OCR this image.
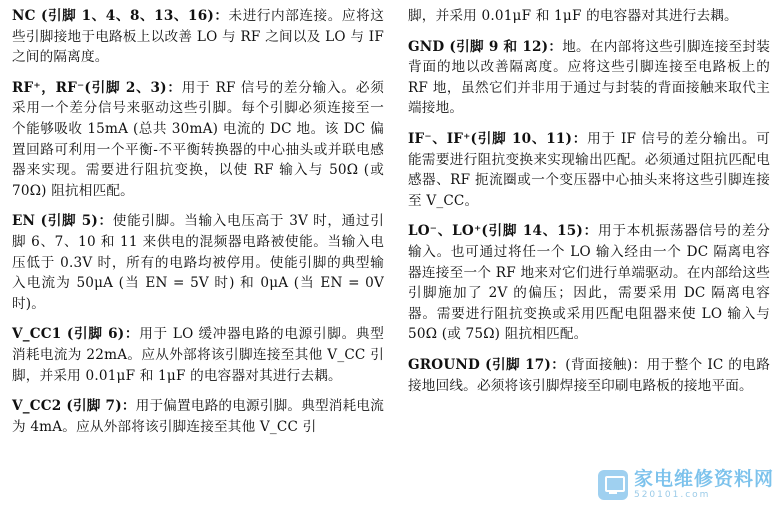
NC (引脚 1、4、8、13、16)：未进行内部连接。应将这些引脚接地于电路板上以改善 LO 与 RF 之间以及 LO 与 IF 之间的隔离度。

RF⁺，RF⁻(引脚 2、3)：用于 RF 信号的差分输入。必须采用一个差分信号来驱动这些引脚。每个引脚必须连接至一个能够吸收 15mA (总共 30mA) 电流的 DC 地。该 DC 偏置回路可利用一个平衡-不平衡转换器的中心抽头或并联电感器来实现。需要进行阻抗变换，以使 RF 输入与 50Ω (或 70Ω) 阻抗相匹配。

EN (引脚 5)：使能引脚。当输入电压高于 3V 时，通过引脚 6、7、10 和 11 来供电的混频器电路被使能。当输入电压低于 0.3V 时，所有的电路均被停用。使能引脚的典型输入电流为 50μA (当 EN = 5V 时) 和 0μA (当 EN = 0V 时)。

V_CC1 (引脚 6)：用于 LO 缓冲器电路的电源引脚。典型消耗电流为 22mA。应从外部将该引脚连接至其他 V_CC 引脚，并采用 0.01μF 和 1μF 的电容器对其进行去耦。

V_CC2 (引脚 7)：用于偏置电路的电源引脚。典型消耗电流为 4mA。应从外部将该引脚连接至其他 V_CC 引

脚，并采用 0.01μF 和 1μF 的电容器对其进行去耦。

GND (引脚 9 和 12)：地。在内部将这些引脚连接至封装背面的地以改善隔离度。应将这些引脚连接至电路板上的 RF 地，虽然它们并非用于通过与封装的背面接触来取代主端接地。

IF⁻、IF⁺(引脚 10、11)：用于 IF 信号的差分输出。可能需要进行阻抗变换来实现输出匹配。必须通过阻抗匹配电感器、RF 扼流圈或一个变压器中心抽头来将这些引脚连接至 V_CC。

LO⁻、LO⁺(引脚 14、15)：用于本机振荡器信号的差分输入。也可通过将任一个 LO 输入经由一个 DC 隔离电容器连接至一个 RF 地来对它们进行单端驱动。在内部给这些引脚施加了 2V 的偏压；因此，需要采用 DC 隔离电容器。需要进行阻抗变换或采用匹配电阻器来使 LO 输入与 50Ω (或 75Ω) 阻抗相匹配。

GROUND (引脚 17)：(背面接触)：用于整个 IC 的电路接地回线。必须将该引脚焊接至印刷电路板的接地平面。

家电维修资料网
520101.com
